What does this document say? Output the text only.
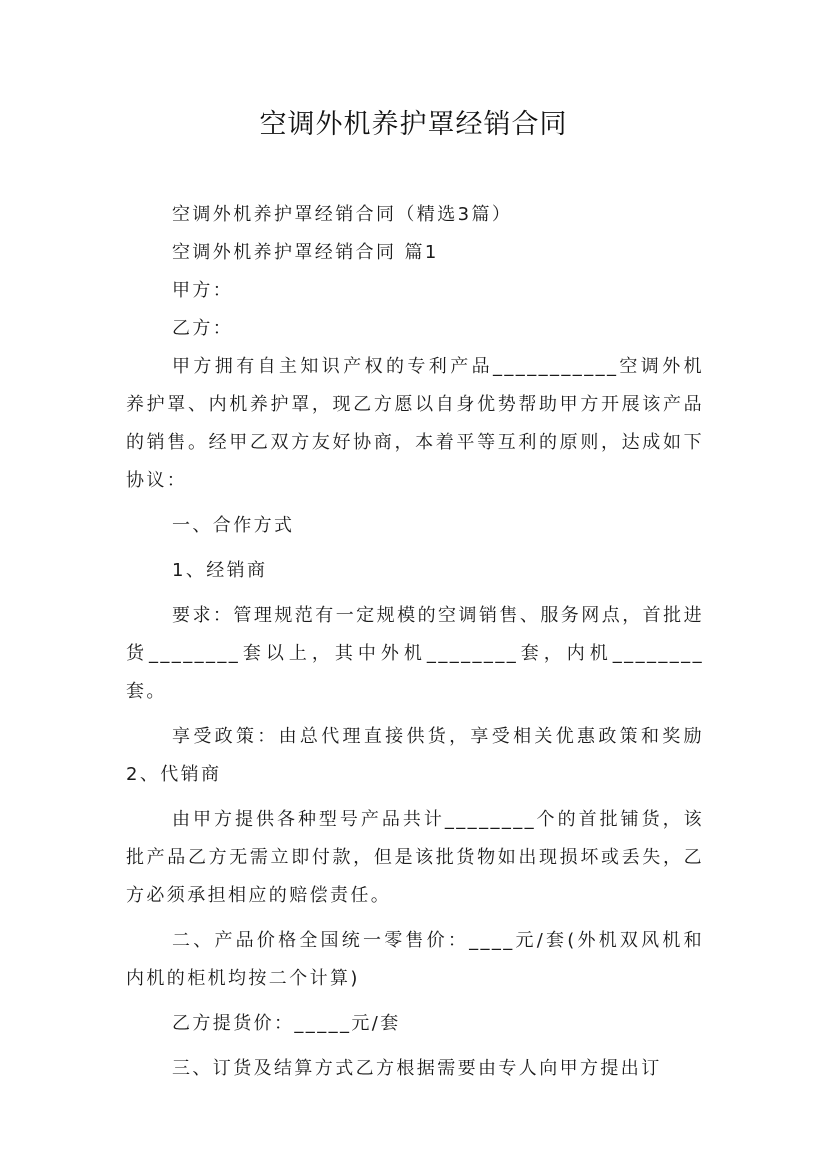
空调外机养护罩经销合同

空调外机养护罩经销合同（精选3篇）

空调外机养护罩经销合同 篇1

甲方：

乙方：

甲方拥有自主知识产权的专利产品___________空调外机养护罩、内机养护罩，现乙方愿以自身优势帮助甲方开展该产品的销售。经甲乙双方友好协商，本着平等互利的原则，达成如下协议：

一、合作方式

1、经销商

要求：管理规范有一定规模的空调销售、服务网点，首批进货________套以上，其中外机________套，内机________套。

享受政策：由总代理直接供货，享受相关优惠政策和奖励2、代销商

由甲方提供各种型号产品共计________个的首批铺货，该批产品乙方无需立即付款，但是该批货物如出现损坏或丢失，乙方必须承担相应的赔偿责任。

二、产品价格全国统一零售价：____元/套(外机双风机和内机的柜机均按二个计算)

乙方提货价：_____元/套

三、订货及结算方式乙方根据需要由专人向甲方提出订
